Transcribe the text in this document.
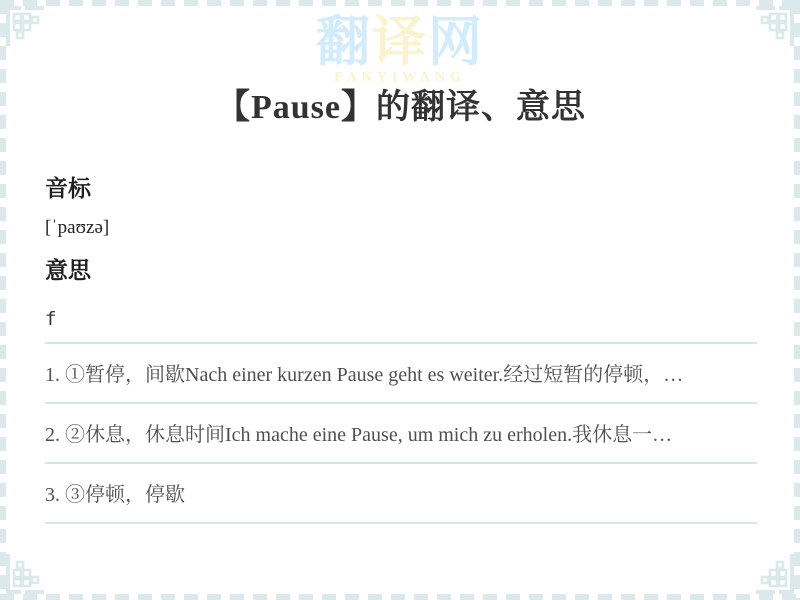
翻译网
FANYIWANG
【Pause】的翻译、意思
音标

[ˈpaʊzə]

意思

f

1. ①暂停，间歇Nach einer kurzen Pause geht es weiter.经过短暂的停顿，…
2. ②休息，休息时间Ich mache eine Pause, um mich zu erholen.我休息一…
3. ③停顿，停歇
